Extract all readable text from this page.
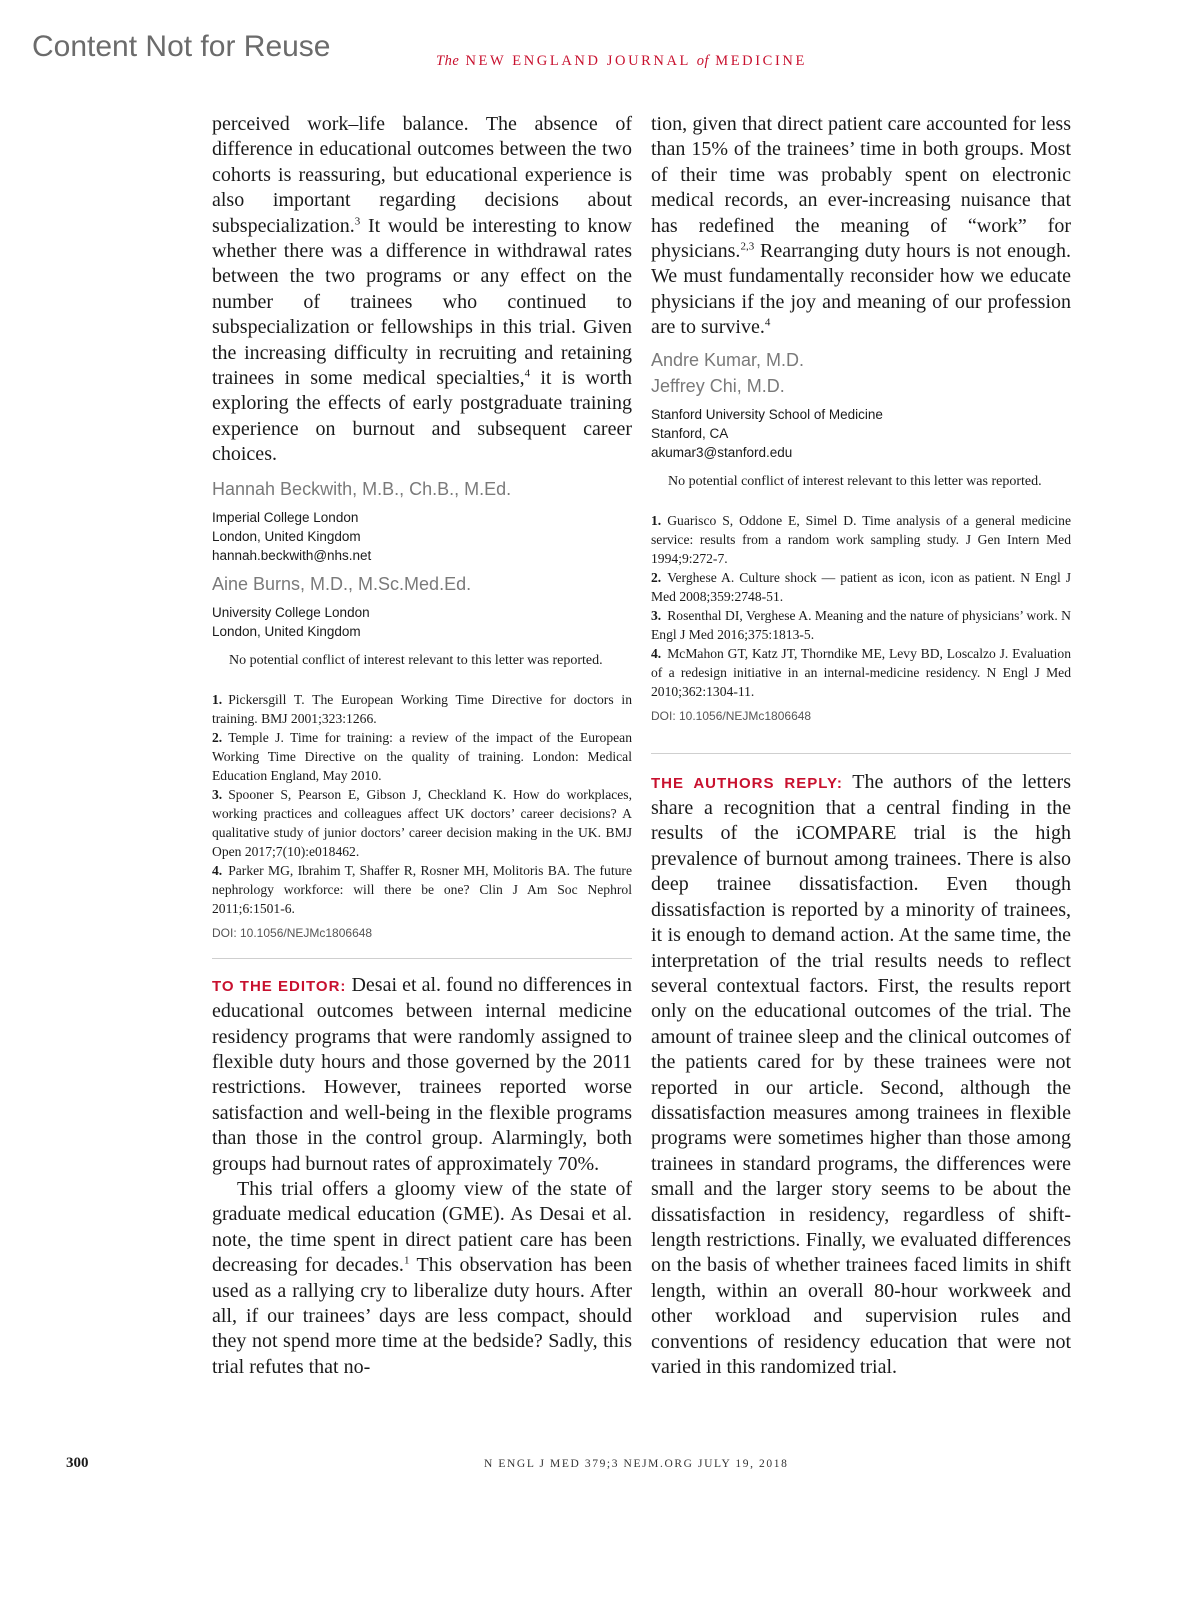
Content Not for Reuse	The NEW ENGLAND JOURNAL of MEDICINE

perceived work–life balance. The absence of difference in educational outcomes between the two cohorts is reassuring, but educational experience is also important regarding decisions about subspecialization.$^3$ It would be interesting to know whether there was a difference in withdrawal rates between the two programs or any effect on the number of trainees who continued to subspecialization or fellowships in this trial. Given the increasing difficulty in recruiting and retaining trainees in some medical specialties,$^4$ it is worth exploring the effects of early postgraduate training experience on burnout and subsequent career choices.

Hannah Beckwith, M.B., Ch.B., M.Ed.

Imperial College London

London, United Kingdom

hannah.beckwith@nhs.net

Aine Burns, M.D., M.Sc.Med.Ed.

University College London

London, United Kingdom

No potential conflict of interest relevant to this letter was reported.

1. Pickersgill T. The European Working Time Directive for doctors in training. BMJ 2001;323:1266.
2. Temple J. Time for training: a review of the impact of the European Working Time Directive on the quality of training. London: Medical Education England, May 2010.
3. Spooner S, Pearson E, Gibson J, Checkland K. How do workplaces, working practices and colleagues affect UK doctors’ career decisions? A qualitative study of junior doctors’ career decision making in the UK. BMJ Open 2017;7(10):e018462.
4. Parker MG, Ibrahim T, Shaffer R, Rosner MH, Molitoris BA. The future nephrology workforce: will there be one? Clin J Am Soc Nephrol 2011;6:1501-6.

DOI: 10.1056/NEJMc1806648

TO THE EDITOR: Desai et al. found no differences in educational outcomes between internal medicine residency programs that were randomly assigned to flexible duty hours and those governed by the 2011 restrictions. However, trainees reported worse satisfaction and well-being in the flexible programs than those in the control group. Alarmingly, both groups had burnout rates of approximately 70%.

This trial offers a gloomy view of the state of graduate medical education (GME). As Desai et al. note, the time spent in direct patient care has been decreasing for decades.$^1$ This observation has been used as a rallying cry to liberalize duty hours. After all, if our trainees’ days are less compact, should they not spend more time at the bedside? Sadly, this trial refutes that no-

tion, given that direct patient care accounted for less than 15% of the trainees’ time in both groups. Most of their time was probably spent on electronic medical records, an ever-increasing nuisance that has redefined the meaning of “work” for physicians.$^{2,3}$ Rearranging duty hours is not enough. We must fundamentally reconsider how we educate physicians if the joy and meaning of our profession are to survive.$^4$

Andre Kumar, M.D.

Jeffrey Chi, M.D.

Stanford University School of Medicine

Stanford, CA

akumar3@stanford.edu

No potential conflict of interest relevant to this letter was reported.

1. Guarisco S, Oddone E, Simel D. Time analysis of a general medicine service: results from a random work sampling study. J Gen Intern Med 1994;9:272-7.
2. Verghese A. Culture shock — patient as icon, icon as patient. N Engl J Med 2008;359:2748-51.
3. Rosenthal DI, Verghese A. Meaning and the nature of physicians’ work. N Engl J Med 2016;375:1813-5.
4. McMahon GT, Katz JT, Thorndike ME, Levy BD, Loscalzo J. Evaluation of a redesign initiative in an internal-medicine residency. N Engl J Med 2010;362:1304-11.

DOI: 10.1056/NEJMc1806648

THE AUTHORS REPLY: The authors of the letters share a recognition that a central finding in the results of the iCOMPARE trial is the high prevalence of burnout among trainees. There is also deep trainee dissatisfaction. Even though dissatisfaction is reported by a minority of trainees, it is enough to demand action. At the same time, the interpretation of the trial results needs to reflect several contextual factors. First, the results report only on the educational outcomes of the trial. The amount of trainee sleep and the clinical outcomes of the patients cared for by these trainees were not reported in our article. Second, although the dissatisfaction measures among trainees in flexible programs were sometimes higher than those among trainees in standard programs, the differences were small and the larger story seems to be about the dissatisfaction in residency, regardless of shift-length restrictions. Finally, we evaluated differences on the basis of whether trainees faced limits in shift length, within an overall 80-hour workweek and other workload and supervision rules and conventions of residency education that were not varied in this randomized trial.

300	N ENGL J MED 379;3 NEJM.ORG JULY 19, 2018
